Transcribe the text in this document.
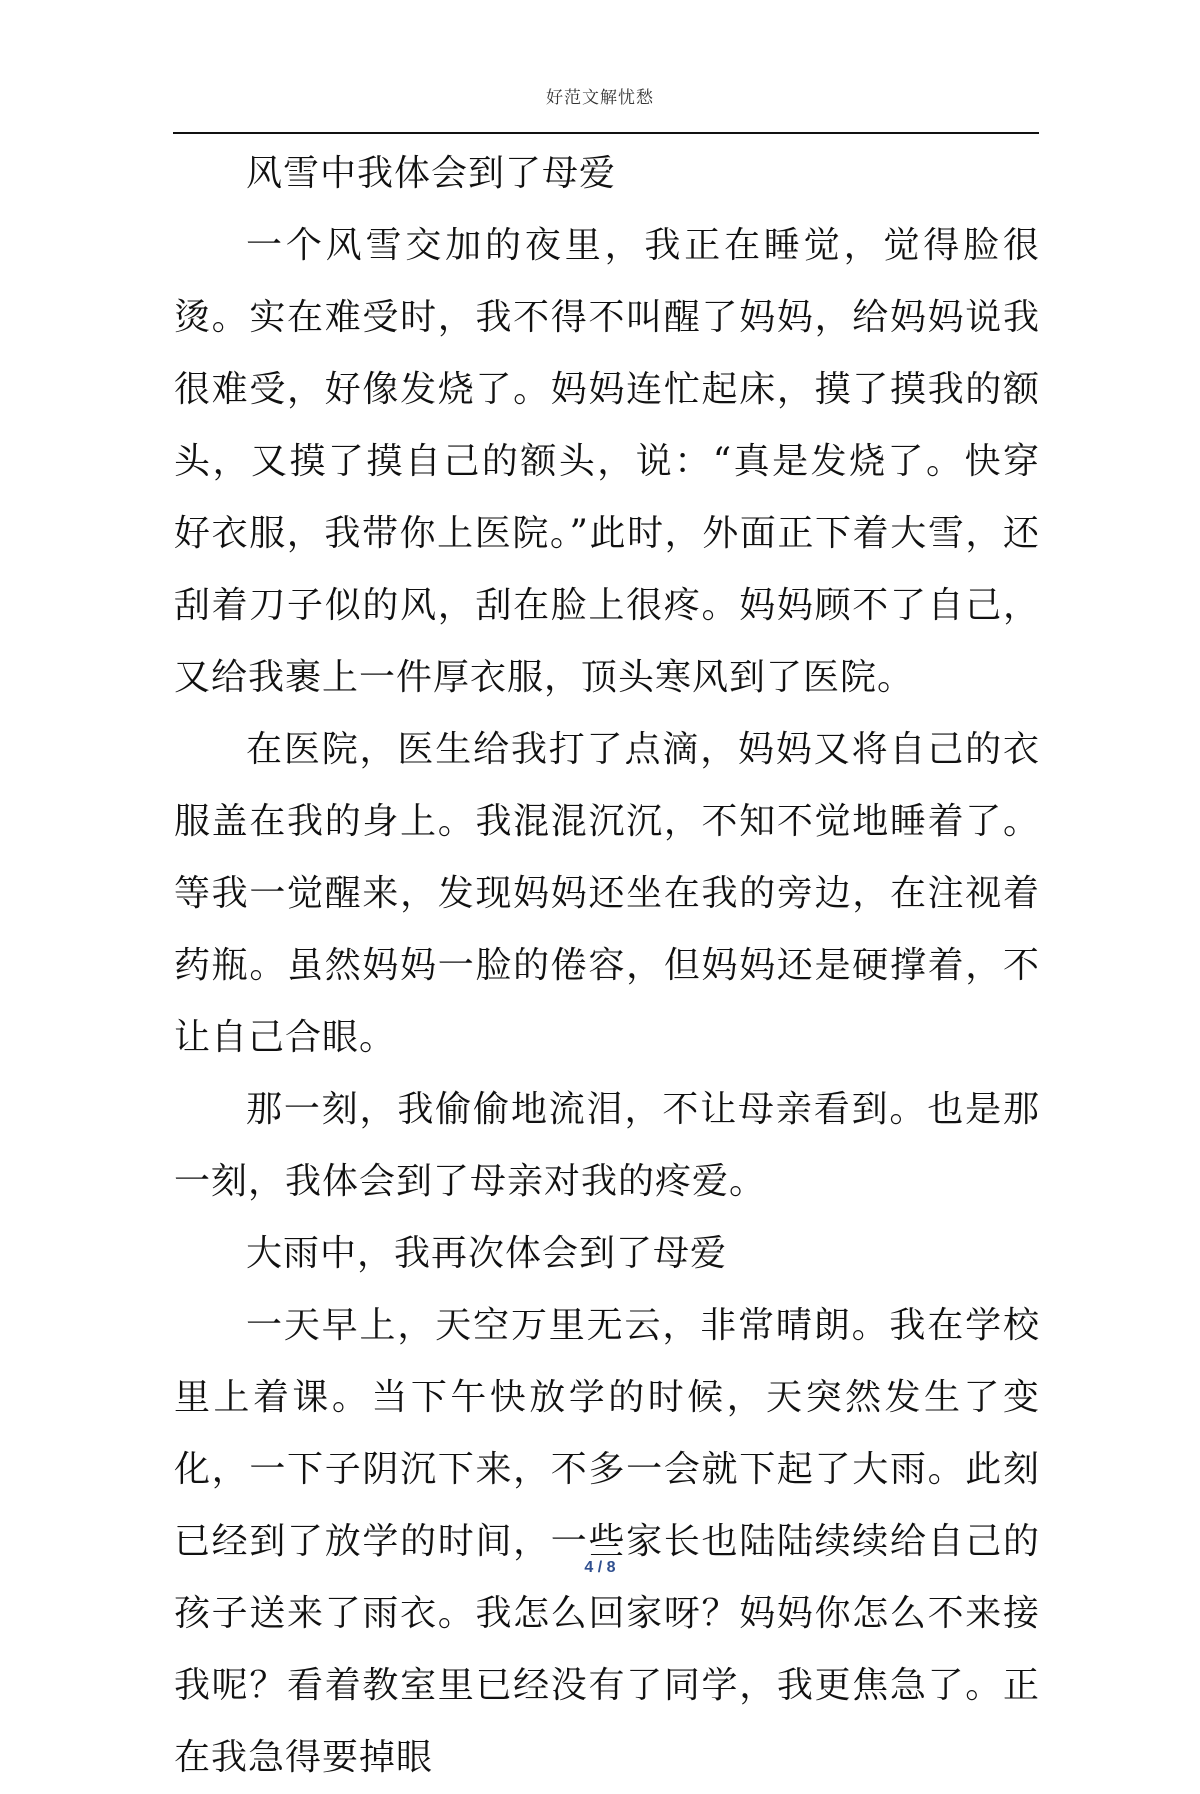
好范文解忧愁

风雪中我体会到了母爱

一个风雪交加的夜里，我正在睡觉，觉得脸很烫。实在难受时，我不得不叫醒了妈妈，给妈妈说我很难受，好像发烧了。妈妈连忙起床，摸了摸我的额头，又摸了摸自己的额头，说：“真是发烧了。快穿好衣服，我带你上医院。”此时，外面正下着大雪，还刮着刀子似的风，刮在脸上很疼。妈妈顾不了自己，又给我裹上一件厚衣服，顶头寒风到了医院。

在医院，医生给我打了点滴，妈妈又将自己的衣服盖在我的身上。我混混沉沉，不知不觉地睡着了。等我一觉醒来，发现妈妈还坐在我的旁边，在注视着药瓶。虽然妈妈一脸的倦容，但妈妈还是硬撑着，不让自己合眼。

那一刻，我偷偷地流泪，不让母亲看到。也是那一刻，我体会到了母亲对我的疼爱。

大雨中，我再次体会到了母爱

一天早上，天空万里无云，非常晴朗。我在学校里上着课。当下午快放学的时候，天突然发生了变化，一下子阴沉下来，不多一会就下起了大雨。此刻已经到了放学的时间，一些家长也陆陆续续给自己的孩子送来了雨衣。我怎么回家呀？妈妈你怎么不来接我呢？看着教室里已经没有了同学，我更焦急了。正在我急得要掉眼

4 / 8
